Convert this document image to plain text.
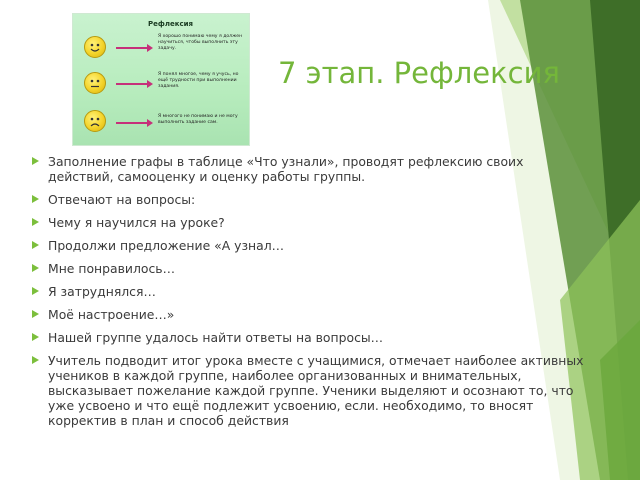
Рефлексия
Я хорошо понимаю чему я должен научиться, чтобы выполнить эту задачу.
Я понял многое, чему я учусь, но ещё трудности при выполнении задания.
Я многого не понимаю и не могу выполнить задание сам.
7 этап. Рефлексия
Заполнение графы в таблице «Что узнали», проводят рефлексию своих действий, самооценку и оценку работы группы.
Отвечают на вопросы:
Чему я научился на уроке?
Продолжи предложение «А узнал…
Мне понравилось…
Я затруднялся…
Моё настроение…»
Нашей группе удалось найти ответы на вопросы…
Учитель подводит итог урока вместе с учащимися, отмечает наиболее активных учеников в каждой группе, наиболее организованных и внимательных, высказывает пожелание каждой группе. Ученики выделяют и осознают то, что уже усвоено и что ещё подлежит усвоению, если. необходимо, то вносят корректив в план и способ действия
